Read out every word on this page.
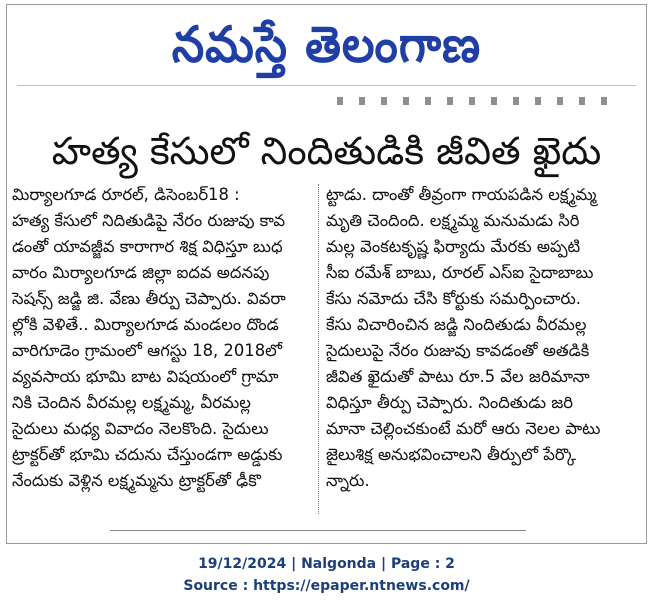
నమస్తే తెలంగాణ
హత్య కేసులో నిందితుడికి జీవిత ఖైదు

మిర్యాలగూడ రూరల్, డిసెంబర్18 :

హత్య కేసులో నిదితుడిపై నేరం రుజువు కావ

డంతో యావజ్జీవ కారాగార శిక్ష విధిస్తూ బుధ

వారం మిర్యాలగూడ జిల్లా ఐదవ అదనపు

సెషన్స్ జడ్జి జి. వేణు తీర్పు చెప్పారు. వివరా

ల్లోకి వెళితే.. మిర్యాలగూడ మండలం దొండ

వారిగూడెం గ్రామంలో ఆగస్టు 18, 2018లో

వ్యవసాయ భూమి బాట విషయంలో గ్రామా

నికి చెందిన వీరమల్ల లక్ష్మమ్మ, వీరమల్ల

సైదులు మధ్య వివాదం నెలకొంది. సైదులు

ట్రాక్టర్‌తో భూమి చదును చేస్తుండగా అడ్డుకు

నేందుకు వెళ్లిన లక్ష్మమ్మను ట్రాక్టర్‌తో ఢీకొ

ట్టాడు. దాంతో తీవ్రంగా గాయపడిన లక్ష్మమ్మ

మృతి చెందింది. లక్ష్మమ్మ మనుమడు సిరి

మల్ల వెంకటకృష్ణ ఫిర్యాదు మేరకు అప్పటి

సీఐ రమేశ్ బాబు, రూరల్ ఎస్ఐ సైదాబాబు

కేసు నమోదు చేసి కోర్టుకు సమర్పించారు.

కేసు విచారించిన జడ్జి నిందితుడు వీరమల్ల

సైదులుపై నేరం రుజువు కావడంతో అతడికి

జీవిత ఖైదుతో పాటు రూ.5 వేల జరిమానా

విధిస్తూ తీర్పు చెప్పారు. నిందితుడు జరి

మానా చెల్లించకుంటే మరో ఆరు నెలల పాటు

జైలుశిక్ష అనుభవించాలని తీర్పులో పేర్కొ

న్నారు.

19/12/2024 | Nalgonda | Page : 2
Source : https://epaper.ntnews.com/
